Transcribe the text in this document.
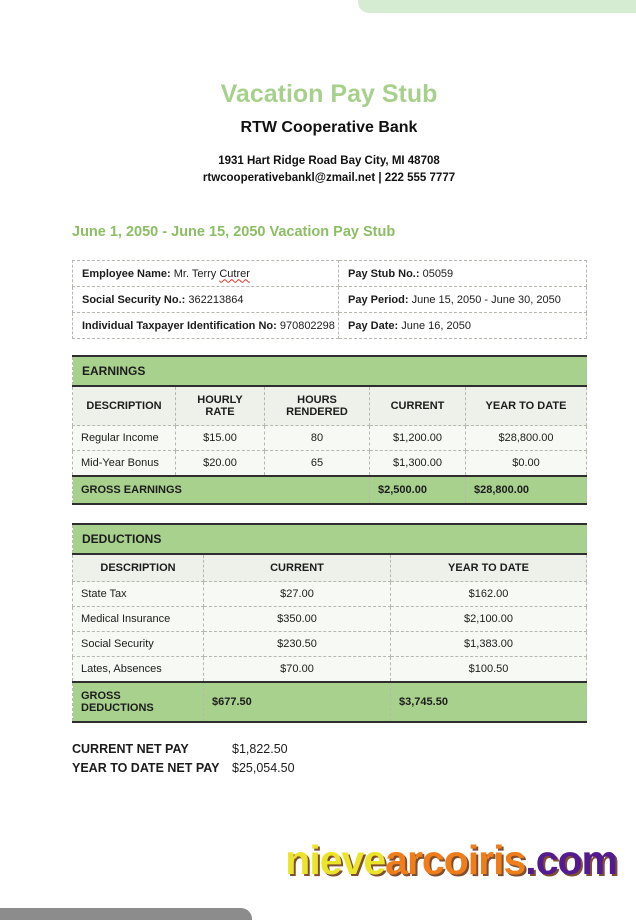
Vacation Pay Stub
RTW Cooperative Bank
1931 Hart Ridge Road Bay City, MI 48708
rtwcooperativebankl@zmail.net | 222 555 7777
June 1, 2050 - June 15, 2050 Vacation Pay Stub
Employee Name: Mr. Terry Cutrer	Pay Stub No.: 05059
Social Security No.: 362213864	Pay Period: June 15, 2050 - June 30, 2050
Individual Taxpayer Identification No: 970802298	Pay Date: June 16, 2050
EARNINGS				
DESCRIPTION	HOURLY RATE	HOURS RENDERED	CURRENT	YEAR TO DATE
Regular Income	$15.00	80	$1,200.00	$28,800.00
Mid-Year Bonus	$20.00	65	$1,300.00	$0.00
GROSS EARNINGS			$2,500.00	$28,800.00
DEDUCTIONS		
DESCRIPTION	CURRENT	YEAR TO DATE
State Tax	$27.00	$162.00
Medical Insurance	$350.00	$2,100.00
Social Security	$230.50	$1,383.00
Lates, Absences	$70.00	$100.50
GROSS DEDUCTIONS	$677.50	$3,745.50
CURRENT NET PAY	$1,822.50
YEAR TO DATE NET PAY	$25,054.50
nievearcoiris.com
